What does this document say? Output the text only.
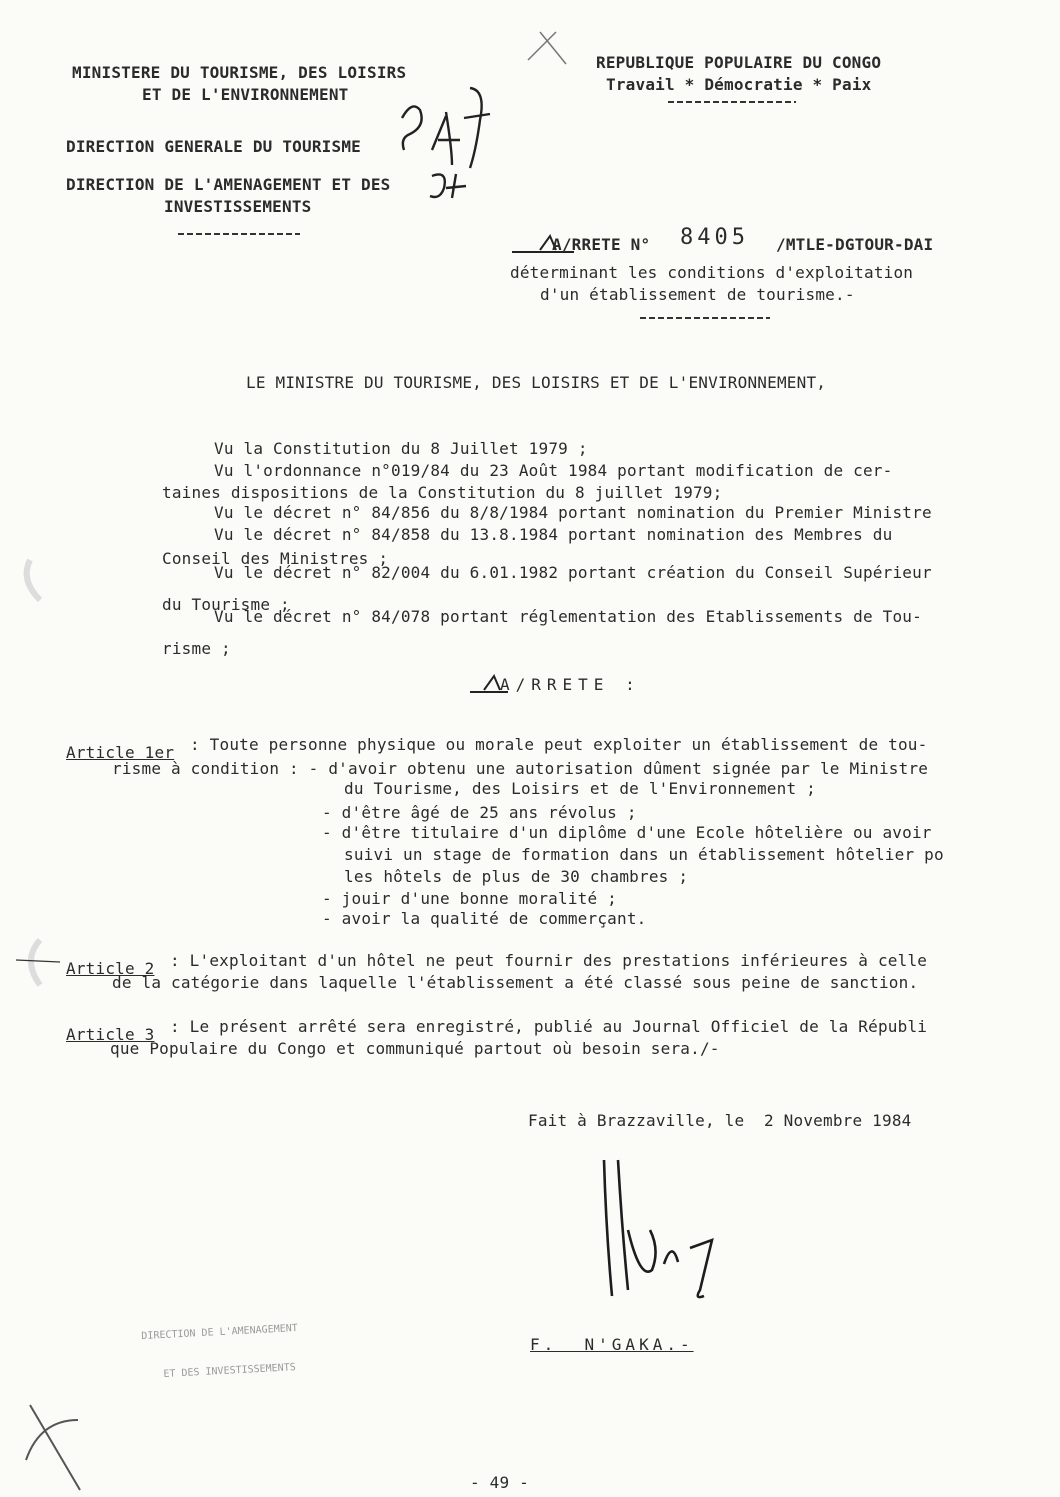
MINISTERE DU TOURISME, DES LOISIRS
ET DE L'ENVIRONNEMENT
DIRECTION GENERALE DU TOURISME
DIRECTION DE L'AMENAGEMENT ET DES
INVESTISSEMENTS
REPUBLIQUE POPULAIRE DU CONGO
Travail * Démocratie * Paix
A/RRETE N° 8405 /MTLE-DGTOUR-DAI
déterminant les conditions d'exploitation
d'un établissement de tourisme.-
LE MINISTRE DU TOURISME, DES LOISIRS ET DE L'ENVIRONNEMENT,
Vu la Constitution du 8 Juillet 1979 ;
Vu l'ordonnance n°019/84 du 23 Août 1984 portant modification de cer-
taines dispositions de la Constitution du 8 juillet 1979;
Vu le décret n° 84/856 du 8/8/1984 portant nomination du Premier Ministre
Vu le décret n° 84/858 du 13.8.1984 portant nomination des Membres du
Conseil des Ministres ;
Vu le décret n° 82/004 du 6.01.1982 portant création du Conseil Supérieur
du Tourisme ;
Vu le décret n° 84/078 portant réglementation des Etablissements de Tou-
risme ;
A/RRETE :
Article 1er : Toute personne physique ou morale peut exploiter un établissement de tou-
risme à condition : - d'avoir obtenu une autorisation dûment signée par le Ministre
du Tourisme, des Loisirs et de l'Environnement ;
- d'être âgé de 25 ans révolus ;
- d'être titulaire d'un diplôme d'une Ecole hôtelière ou avoir
suivi un stage de formation dans un établissement hôtelier po
les hôtels de plus de 30 chambres ;
- jouir d'une bonne moralité ;
- avoir la qualité de commerçant.
Article 2 : L'exploitant d'un hôtel ne peut fournir des prestations inférieures à celle
de la catégorie dans laquelle l'établissement a été classé sous peine de sanction.
Article 3 : Le présent arrêté sera enregistré, publié au Journal Officiel de la Républi
que Populaire du Congo et communiqué partout où besoin sera./-
Fait à Brazzaville, le  2 Novembre 1984
F.  N'GAKA.-

DIRECTION DE L'AMENAGEMENT

ET DES INVESTISSEMENTS

- 49 -
